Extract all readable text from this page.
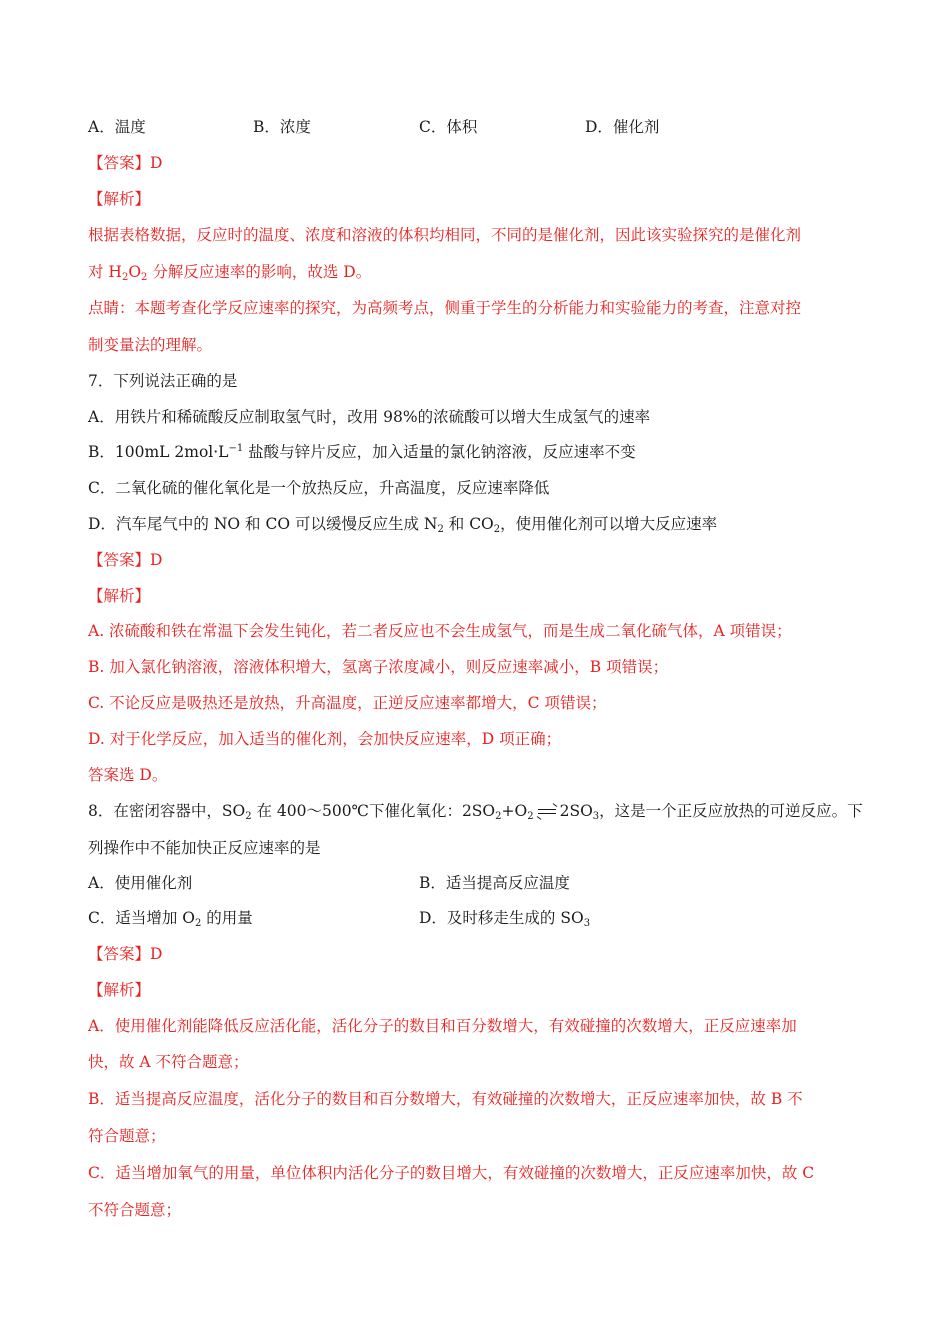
A．温度	B．浓度	C．体积	D．催化剂
【答案】D
【解析】
根据表格数据，反应时的温度、浓度和溶液的体积均相同，不同的是催化剂，因此该实验探究的是催化剂
对 $H_2O_2$ 分解反应速率的影响，故选 D。
点睛：本题考查化学反应速率的探究，为高频考点，侧重于学生的分析能力和实验能力的考查，注意对控
制变量法的理解。
7．下列说法正确的是
A．用铁片和稀硫酸反应制取氢气时，改用 98%的浓硫酸可以增大生成氢气的速率
B．100mL $2mol\cdot L^{-1}$ 盐酸与锌片反应，加入适量的氯化钠溶液，反应速率不变
C．二氧化硫的催化氧化是一个放热反应，升高温度，反应速率降低
D．汽车尾气中的 NO 和 CO 可以缓慢反应生成 $N_2$ 和 $CO_2$，使用催化剂可以增大反应速率
【答案】D
【解析】
A. 浓硫酸和铁在常温下会发生钝化，若二者反应也不会生成氢气，而是生成二氧化硫气体，A 项错误；
B. 加入氯化钠溶液，溶液体积增大，氢离子浓度减小，则反应速率减小，B 项错误；
C. 不论反应是吸热还是放热，升高温度，正逆反应速率都增大，C 项错误；
D. 对于化学反应，加入适当的催化剂，会加快反应速率，D 项正确；
答案选 D。
8．在密闭容器中，$SO_2$ 在 400～500℃下催化氧化：$2SO_2+O_2$ $2SO_3$，这是一个正反应放热的可逆反应。下
列操作中不能加快正反应速率的是
A．使用催化剂	B．适当提高反应温度
C．适当增加 $O_2$ 的用量	D．及时移走生成的 $SO_3$
【答案】D
【解析】
A．使用催化剂能降低反应活化能，活化分子的数目和百分数增大，有效碰撞的次数增大，正反应速率加
快，故 A 不符合题意；
B．适当提高反应温度，活化分子的数目和百分数增大，有效碰撞的次数增大，正反应速率加快，故 B 不
符合题意；
C．适当增加氧气的用量，单位体积内活化分子的数目增大，有效碰撞的次数增大，正反应速率加快，故 C
不符合题意；
